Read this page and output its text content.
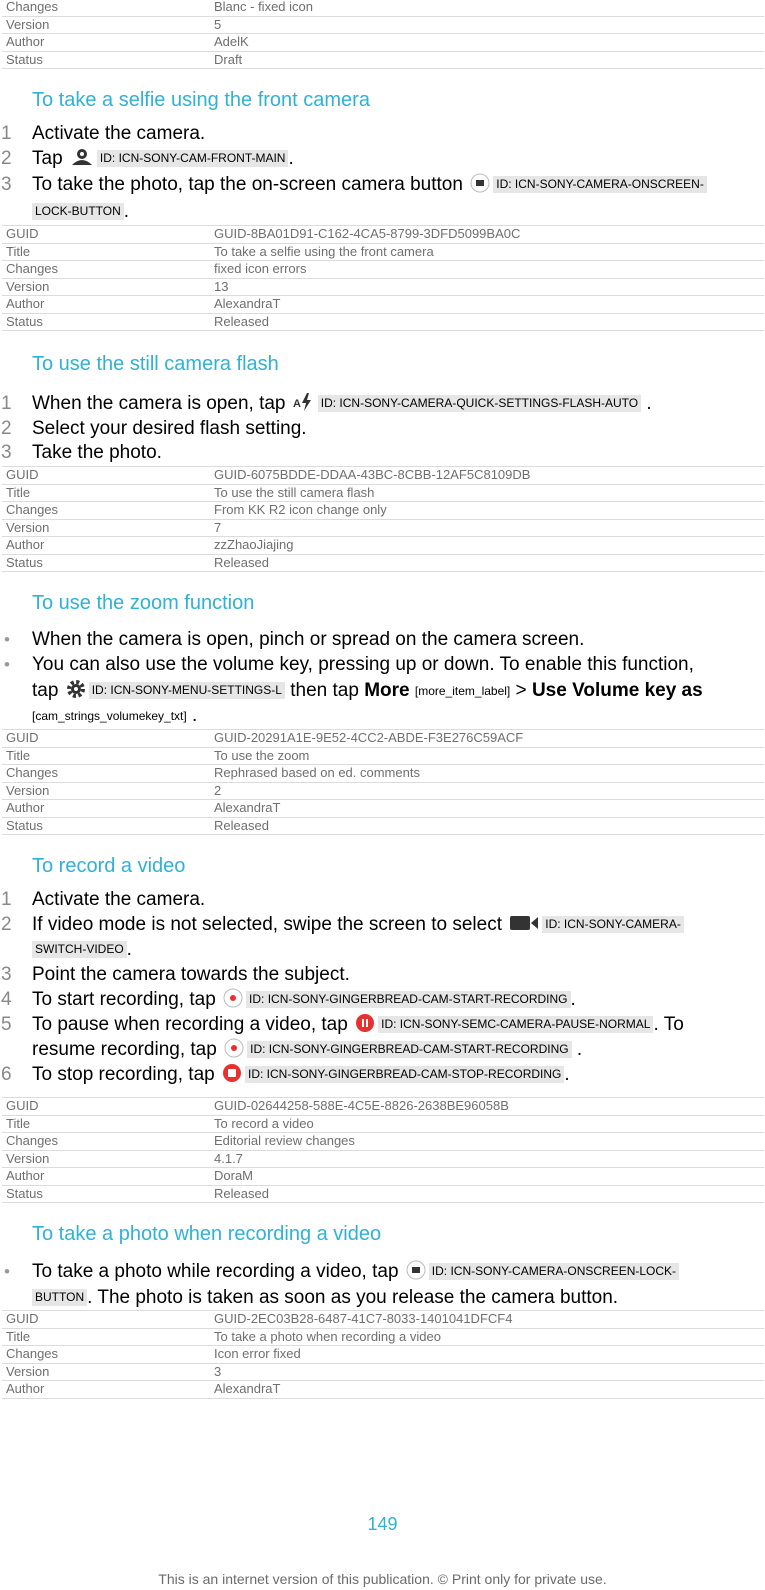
Changes	Blanc - fixed icon
Version	5
Author	AdelK
Status	Draft
To take a selfie using the front camera
1 Activate the camera.
2 Tap	ID: ICN-SONY-CAM-FRONT-MAIN .
3 To take the photo, tap the on-screen camera button	ID: ICN-SONY-CAMERA-ONSCREEN-
LOCK-BUTTON .
GUID	GUID-8BA01D91-C162-4CA5-8799-3DFD5099BA0C
Title	To take a selfie using the front camera
Changes	fixed icon errors
Version	13
Author	AlexandraT
Status	Released
To use the still camera flash
1 When the camera is open, tap A ID: ICN-SONY-CAMERA-QUICK-SETTINGS-FLASH-AUTO .
2 Select your desired flash setting.
3 Take the photo.
GUID	GUID-6075BDDE-DDAA-43BC-8CBB-12AF5C8109DB
Title	To use the still camera flash
Changes	From KK R2 icon change only
Version	7
Author	zzZhaoJiajing
Status	Released
To use the zoom function
•	When the camera is open, pinch or spread on the camera screen.
•	You can also use the volume key, pressing up or down. To enable this function,
tap	ID: ICN-SONY-MENU-SETTINGS-L then tap More [more_item_label] > Use Volume key as
[cam_strings_volumekey_txt] .
GUID	GUID-20291A1E-9E52-4CC2-ABDE-F3E276C59ACF
Title	To use the zoom
Changes	Rephrased based on ed. comments
Version	2
Author	AlexandraT
Status	Released
To record a video
1 Activate the camera.
2 If video mode is not selected, swipe the screen to select	ID: ICN-SONY-CAMERA-
SWITCH-VIDEO .
3 Point the camera towards the subject.
4 To start recording, tap	ID: ICN-SONY-GINGERBREAD-CAM-START-RECORDING .
5 To pause when recording a video, tap	ID: ICN-SONY-SEMC-CAMERA-PAUSE-NORMAL . To
resume recording, tap	ID: ICN-SONY-GINGERBREAD-CAM-START-RECORDING .
6 To stop recording, tap	ID: ICN-SONY-GINGERBREAD-CAM-STOP-RECORDING .
GUID	GUID-02644258-588E-4C5E-8826-2638BE96058B
Title	To record a video
Changes	Editorial review changes
Version	4.1.7
Author	DoraM
Status	Released
To take a photo when recording a video
•	To take a photo while recording a video, tap	ID: ICN-SONY-CAMERA-ONSCREEN-LOCK-
BUTTON . The photo is taken as soon as you release the camera button.
GUID	GUID-2EC03B28-6487-41C7-8033-1401041DFCF4
Title	To take a photo when recording a video
Changes	Icon error fixed
Version	3
Author	AlexandraT
149
This is an internet version of this publication. © Print only for private use.
